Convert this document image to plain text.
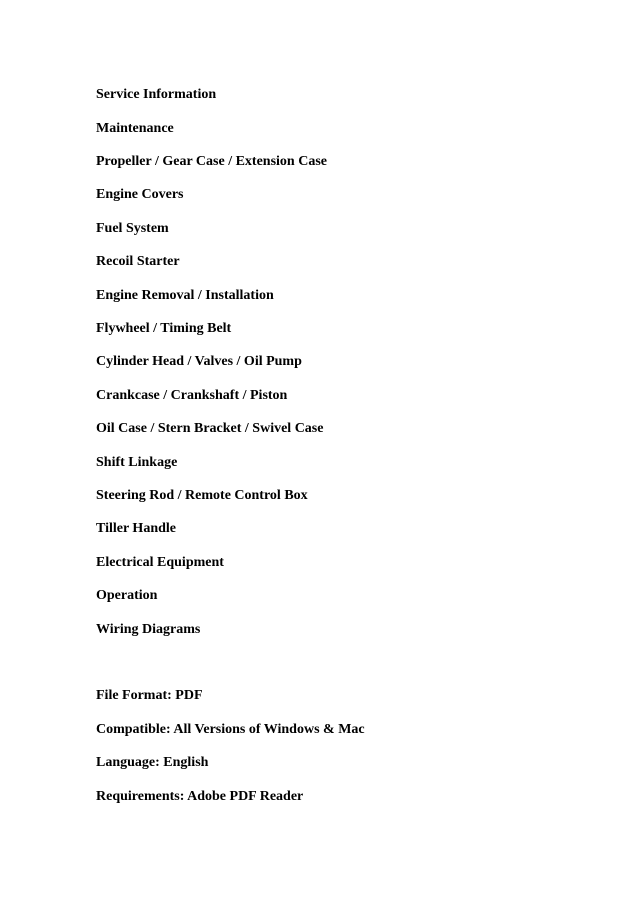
Service Information
Maintenance
Propeller / Gear Case / Extension Case
Engine Covers
Fuel System
Recoil Starter
Engine Removal / Installation
Flywheel / Timing Belt
Cylinder Head / Valves / Oil Pump
Crankcase / Crankshaft / Piston
Oil Case / Stern Bracket / Swivel Case
Shift Linkage
Steering Rod / Remote Control Box
Tiller Handle
Electrical Equipment
Operation
Wiring Diagrams
File Format: PDF
Compatible: All Versions of Windows & Mac
Language: English
Requirements: Adobe PDF Reader
